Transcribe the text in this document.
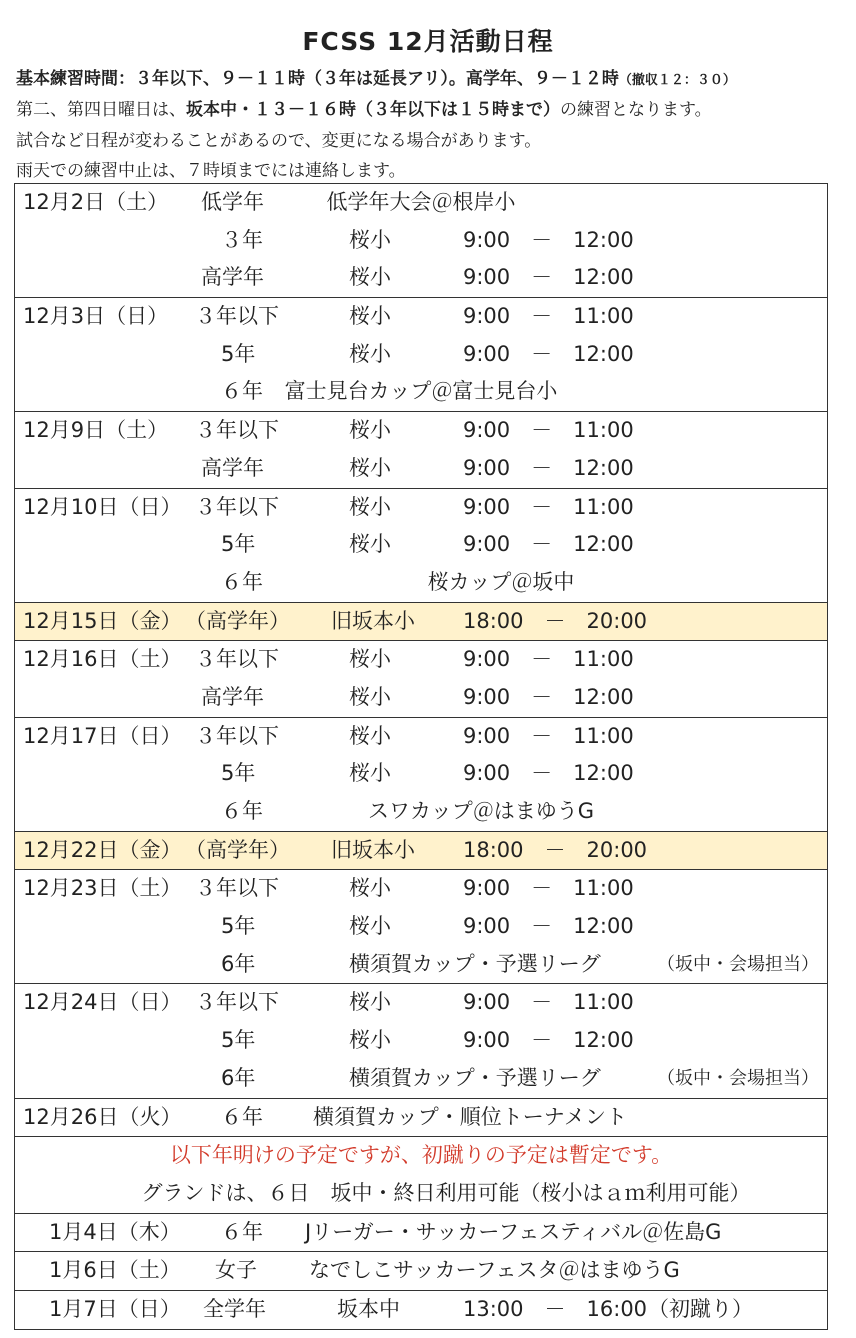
FCSS 12月活動日程
基本練習時間：３年以下、９－１１時（３年は延長アリ）。高学年、９－１２時（撤収１２：３０）
第二、第四日曜日は、坂本中・１３－１６時（３年以下は１５時まで）の練習となります。
試合など日程が変わることがあるので、変更になる場合があります。
雨天での練習中止は、７時頃までには連絡します。
12月2日（土） 低学年	低学年大会＠根岸小
３年	桜小	9:00　－　12:00
高学年	桜小	9:00　－　12:00
12月3日（日） ３年以下	桜小	9:00　－　11:00
5年	桜小	9:00　－　12:00
６年	富士見台カップ＠富士見台小
12月9日（土） ３年以下	桜小	9:00　－　11:00
高学年	桜小	9:00　－　12:00
12月10日（日） ３年以下	桜小	9:00　－　11:00
5年	桜小	9:00　－　12:00
６年	桜カップ＠坂中
12月15日（金） （高学年） 旧坂本小 18:00　－　20:00
12月16日（土） ３年以下	桜小	9:00　－　11:00
高学年	桜小	9:00　－　12:00
12月17日（日） ３年以下	桜小	9:00　－　11:00
5年	桜小	9:00　－　12:00
６年	スワカップ＠はまゆうG
12月22日（金） （高学年） 旧坂本小 18:00　－　20:00
12月23日（土） ３年以下	桜小	9:00　－　11:00
5年	桜小	9:00　－　12:00
6年	横須賀カップ・予選リーグ	（坂中・会場担当）
12月24日（日） ３年以下	桜小	9:00　－　11:00
5年	桜小	9:00　－　12:00
6年	横須賀カップ・予選リーグ	（坂中・会場担当）
12月26日（火） ６年 横須賀カップ・順位トーナメント
以下年明けの予定ですが、初蹴りの予定は暫定です。
グランドは、６日　坂中・終日利用可能（桜小はａｍ利用可能）
1月4日（木） ６年 Jリーガー・サッカーフェスティバル＠佐島G
1月6日（土） 女子 なでしこサッカーフェスタ＠はまゆうG
1月7日（日） 全学年	坂本中	13:00　－　16:00 （初蹴り）
